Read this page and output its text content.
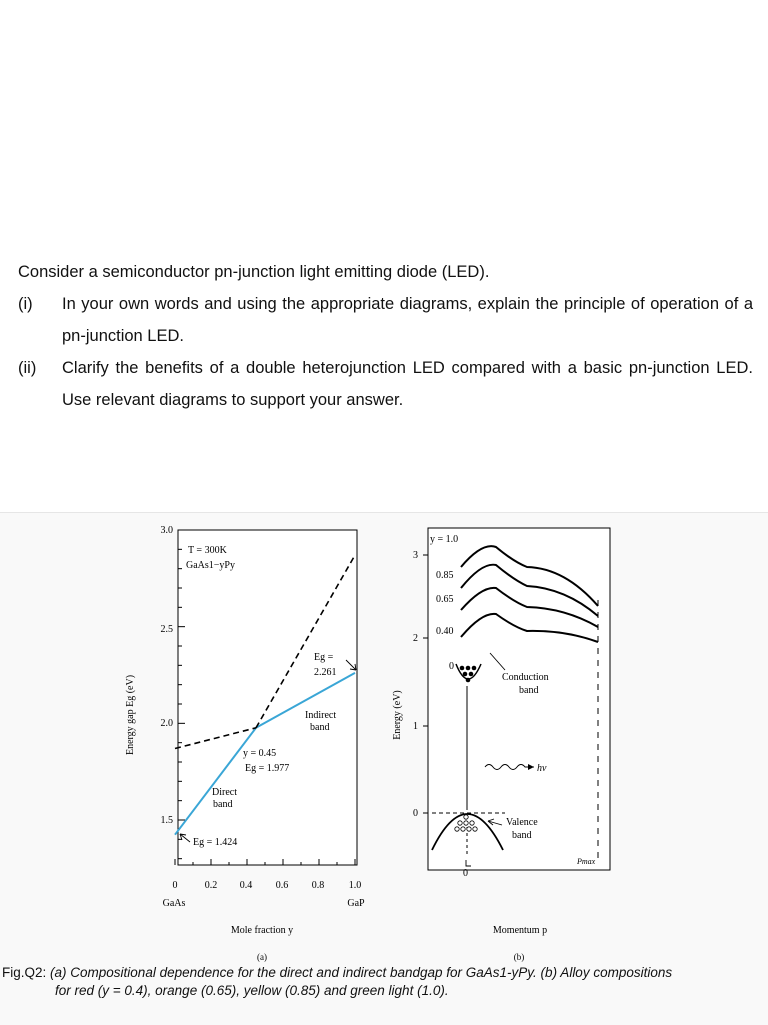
Consider a semiconductor pn-junction light emitting diode (LED).

(i)	In your own words and using the appropriate diagrams, explain the principle of operation of a pn-junction LED.
(ii)	Clarify the benefits of a double heterojunction LED compared with a basic pn-junction LED. Use relevant diagrams to support your answer.
0	0.2 0.4 0.6 0.8 1.0
1.5
2.0
2.5
3.0
GaAs	GaP
T = 300K
GaAs1−yPy
Energy gap Eg (eV)
Mole fraction y
Direct
band
Indirect
band
y = 0.45
Eg = 1.977
Eg = 1.424
Eg =
2.261
(a)
3
2
1
0
y = 1.0
0.85
0.65
0.40
0
Conduction
band
Valence
band
hν
0
Pmax
Energy (eV)
Momentum p
(b)
Fig.Q2: (a) Compositional dependence for the direct and indirect bandgap for GaAs1-yPy. (b) Alloy compositions
for red (y = 0.4), orange (0.65), yellow (0.85) and green light (1.0).
